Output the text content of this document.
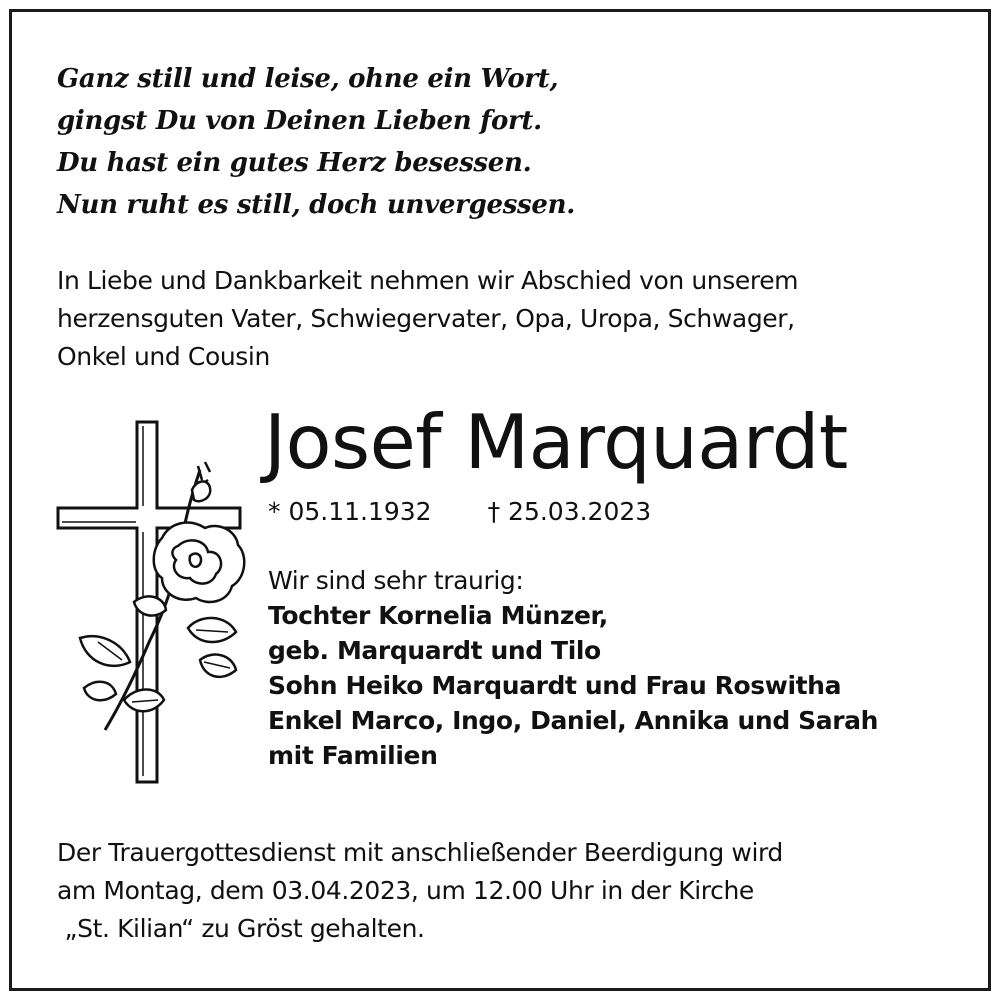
Ganz still und leise, ohne ein Wort,
gingst Du von Deinen Lieben fort.
Du hast ein gutes Herz besessen.
Nun ruht es still, doch unvergessen.
In Liebe und Dankbarkeit nehmen wir Abschied von unserem
herzensguten Vater, Schwiegervater, Opa, Uropa, Schwager,
Onkel und Cousin
Josef Marquardt
* 05.11.1932 † 25.03.2023
Wir sind sehr traurig:
Tochter Kornelia Münzer,
geb. Marquardt und Tilo
Sohn Heiko Marquardt und Frau Roswitha
Enkel Marco, Ingo, Daniel, Annika und Sarah
mit Familien
Der Trauergottesdienst mit anschließender Beerdigung wird
am Montag, dem 03.04.2023, um 12.00 Uhr in der Kirche
„St. Kilian“ zu Gröst gehalten.
